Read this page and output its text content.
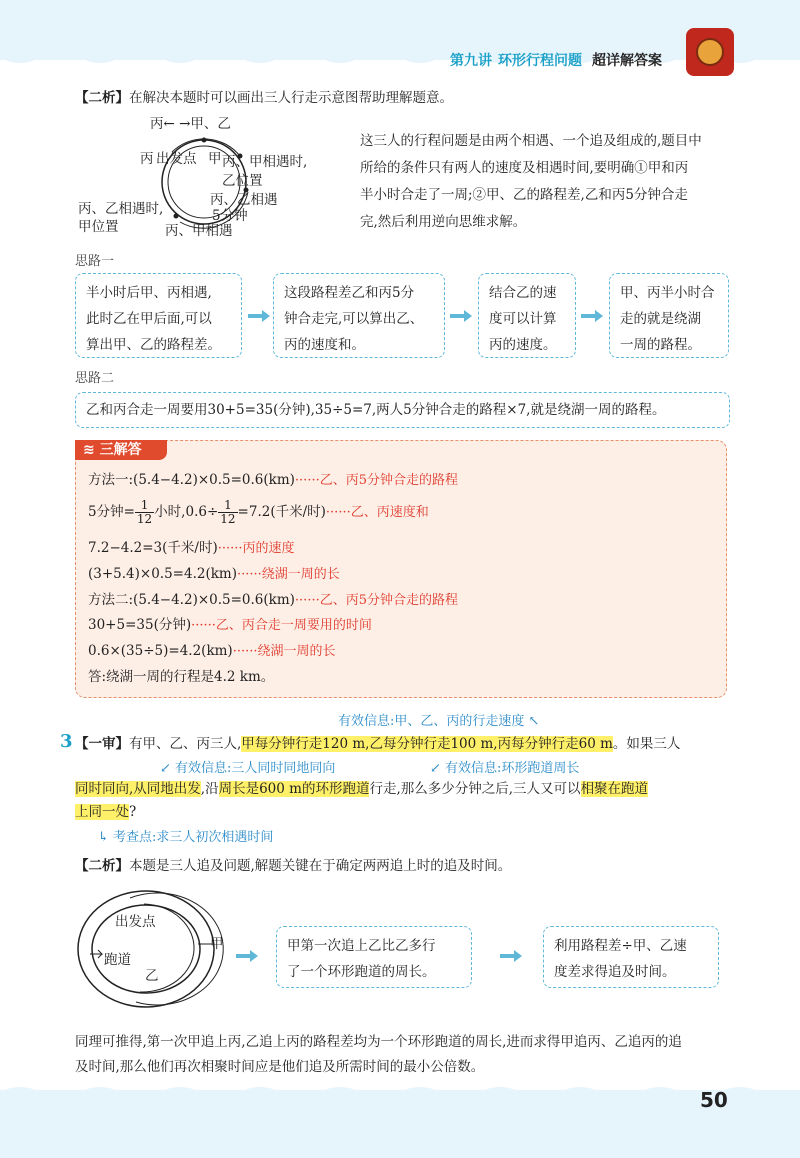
第九讲 环形行程问题 超详解答案
【二析】在解决本题时可以画出三人行走示意图帮助理解题意。
丙← →甲、乙
出发点
丙	甲 丙、甲相遇时,
乙位置
丙、乙相遇
5分钟
丙、乙相遇时,
甲位置	丙、甲相遇
这三人的行程问题是由两个相遇、一个追及组成的,题目中
所给的条件只有两人的速度及相遇时间,要明确①甲和丙
半小时合走了一周;②甲、乙的路程差,乙和丙5分钟合走
完,然后利用逆向思维求解。
思路一
半小时后甲、丙相遇,
此时乙在甲后面,可以
算出甲、乙的路程差。
这段路程差乙和丙5分
钟合走完,可以算出乙、
丙的速度和。
结合乙的速
度可以计算
丙的速度。
甲、丙半小时合
走的就是绕湖
一周的路程。
思路二
乙和丙合走一周要用30+5=35(分钟),35÷5=7,两人5分钟合走的路程×7,就是绕湖一周的路程。
≋ 三解答
方法一:(5.4−4.2)×0.5=0.6(km)······乙、丙5分钟合走的路程
5分钟= $\frac{1}{12}$ 小时$,0.6\div \frac{1}{12} =7.2$(千米/时)······乙、丙速度和
7.2−4.2=3(千米/时)······丙的速度
(3+5.4)×0.5=4.2(km)······绕湖一周的长
方法二:(5.4−4.2)×0.5=0.6(km)······乙、丙5分钟合走的路程
30+5=35(分钟)······乙、丙合走一周要用的时间
0.6×(35÷5)=4.2(km)······绕湖一周的长
答:绕湖一周的行程是4.2 km。
有效信息:甲、乙、丙的行走速度 ↖
3 【一审】有甲、乙、丙三人,甲每分钟行走120 m,乙每分钟行走100 m,丙每分钟行走60 m。如果三人
↙ 有效信息:三人同时同地同向	↙ 有效信息:环形跑道周长
同时同向,从同地出发,沿周长是600 m的环形跑道行走,那么多少分钟之后,三人又可以相聚在跑道
上同一处?
↳ 考查点:求三人初次相遇时间
【二析】本题是三人追及问题,解题关键在于确定两两追上时的追及时间。
出发点
跑道
甲
乙
甲第一次追上乙比乙多行
了一个环形跑道的周长。
利用路程差÷甲、乙速
度差求得追及时间。
同理可推得,第一次甲追上丙,乙追上丙的路程差均为一个环形跑道的周长,进而求得甲追丙、乙追丙的追
及时间,那么他们再次相聚时间应是他们追及所需时间的最小公倍数。
50
